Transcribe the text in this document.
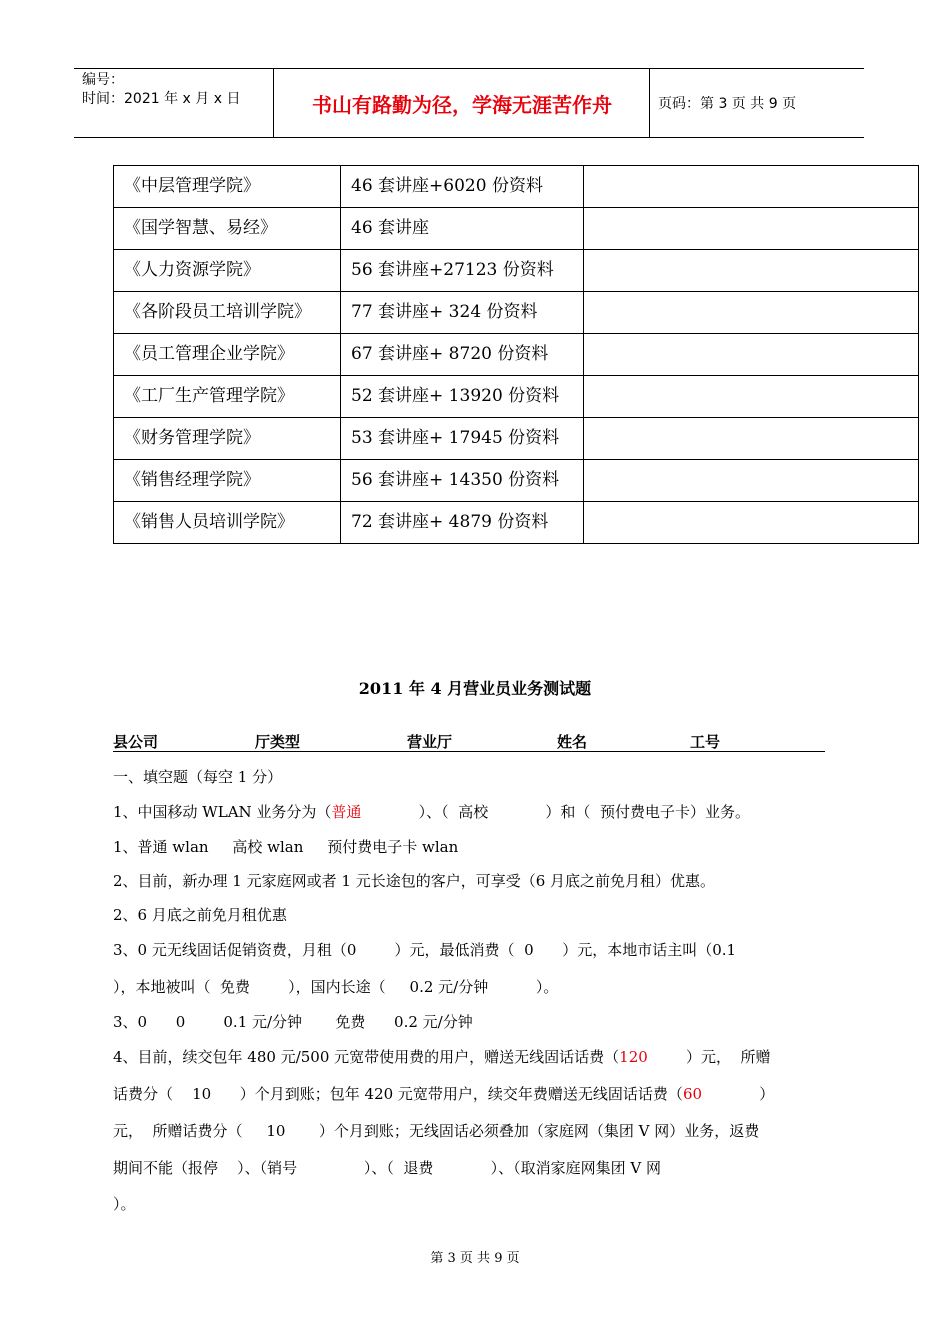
编号：
时间：2021 年 x 月 x 日	书山有路勤为径，学海无涯苦作舟	页码：第 3 页 共 9 页
《中层管理学院》	46 套讲座+6020 份资料	
《国学智慧、易经》	46 套讲座	
《人力资源学院》	56 套讲座+27123 份资料	
《各阶段员工培训学院》	77 套讲座+ 324 份资料	
《员工管理企业学院》	67 套讲座+ 8720 份资料	
《工厂生产管理学院》	52 套讲座+ 13920 份资料	
《财务管理学院》	53 套讲座+ 17945 份资料	
《销售经理学院》	56 套讲座+ 14350 份资料	
《销售人员培训学院》	72 套讲座+ 4879 份资料	
2011 年 4 月营业员业务测试题
县公司	厅类型	营业厅	姓名	工号
一、填空题（每空 1 分）
1、中国移动 WLAN 业务分为（普通            ）、（  高校            ）和（  预付费电子卡）业务。
1、普通 wlan     高校 wlan     预付费电子卡 wlan
2、目前，新办理 1 元家庭网或者 1 元长途包的客户，可享受（6 月底之前免月租）优惠。
2、6 月底之前免月租优惠
3、0 元无线固话促销资费，月租（0        ）元，最低消费（  0      ）元，本地市话主叫（0.1
），本地被叫（  免费        ），国内长途（     0.2 元/分钟          ）。
3、0      0        0.1 元/分钟       免费      0.2 元/分钟
4、目前，续交包年 480 元/500 元宽带使用费的用户，赠送无线固话话费（120        ）元，  所赠
话费分（    10      ）个月到账；包年 420 元宽带用户，续交年费赠送无线固话话费（60            ）
元，  所赠话费分（     10       ）个月到账；无线固话必须叠加（家庭网（集团 V 网）业务，返费
期间不能（报停    ）、（销号              ）、（  退费            ）、（取消家庭网集团 V 网
）。
第 3 页 共 9 页
